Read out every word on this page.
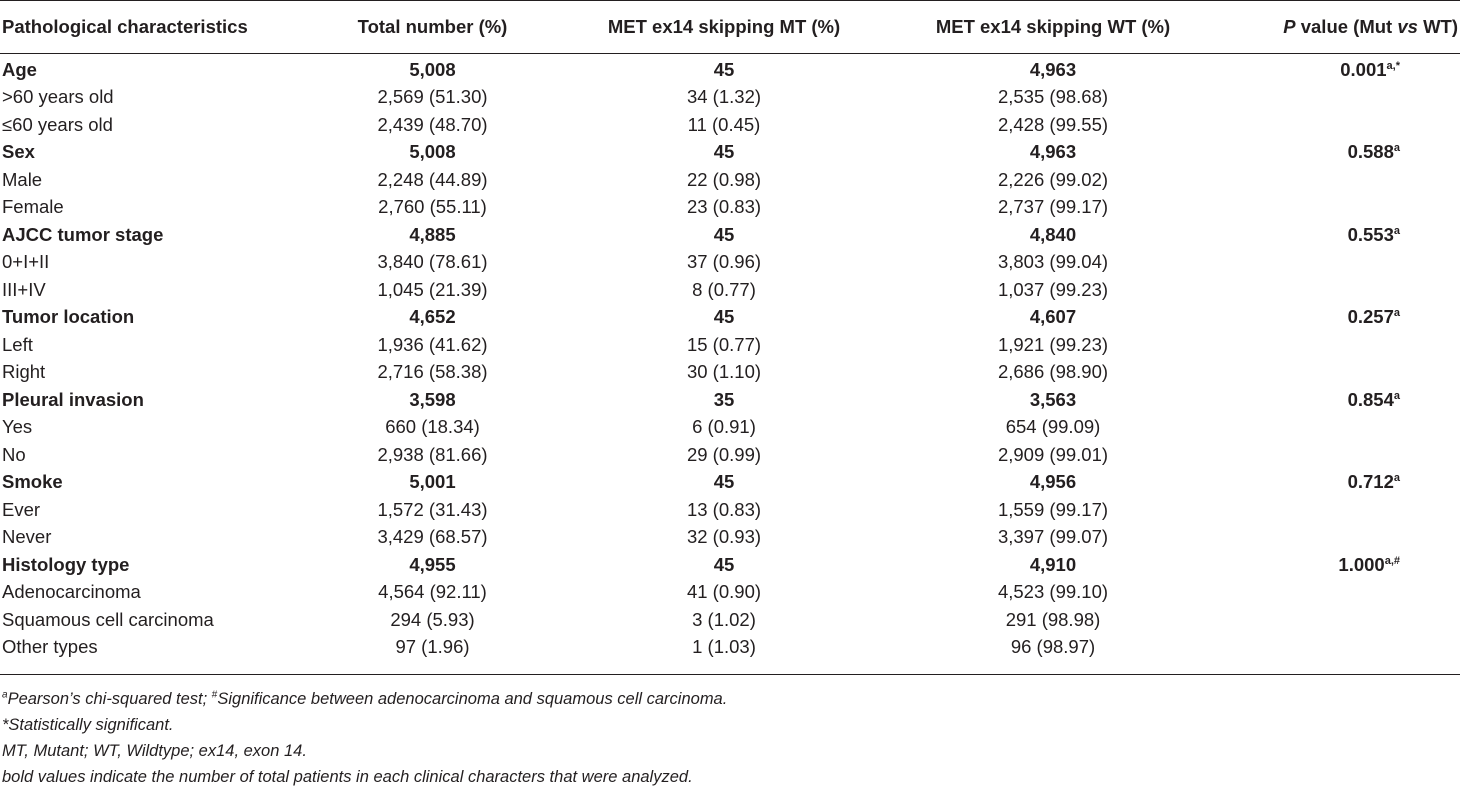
Pathological characteristics	Total number (%)	MET ex14 skipping MT (%)	MET ex14 skipping WT (%)	P value (Mut vs WT)
Age	5,008	45	4,963	$0.001^{a,*}$
>60 years old	2,569 (51.30)	34 (1.32)	2,535 (98.68)	
≤60 years old	2,439 (48.70)	11 (0.45)	2,428 (99.55)	
Sex	5,008	45	4,963	0.588$^a$
Male	2,248 (44.89)	22 (0.98)	2,226 (99.02)	
Female	2,760 (55.11)	23 (0.83)	2,737 (99.17)	
AJCC tumor stage	4,885	45	4,840	0.553$^a$
0+I+II	3,840 (78.61)	37 (0.96)	3,803 (99.04)	
III+IV	1,045 (21.39)	8 (0.77)	1,037 (99.23)	
Tumor location	4,652	45	4,607	0.257$^a$
Left	1,936 (41.62)	15 (0.77)	1,921 (99.23)	
Right	2,716 (58.38)	30 (1.10)	2,686 (98.90)	
Pleural invasion	3,598	35	3,563	0.854$^a$
Yes	660 (18.34)	6 (0.91)	654 (99.09)	
No	2,938 (81.66)	29 (0.99)	2,909 (99.01)	
Smoke	5,001	45	4,956	0.712$^a$
Ever	1,572 (31.43)	13 (0.83)	1,559 (99.17)	
Never	3,429 (68.57)	32 (0.93)	3,397 (99.07)	
Histology type	4,955	45	4,910	$1.000^{a,\#}$
Adenocarcinoma	4,564 (92.11)	41 (0.90)	4,523 (99.10)	
Squamous cell carcinoma	294 (5.93)	3 (1.02)	291 (98.98)	
Other types	97 (1.96)	1 (1.03)	96 (98.97)	
$^a$Pearson’s chi-squared test; #Significance between adenocarcinoma and squamous cell carcinoma.
*Statistically significant.
MT, Mutant; WT, Wildtype; ex14, exon 14.
bold values indicate the number of total patients in each clinical characters that were analyzed.
